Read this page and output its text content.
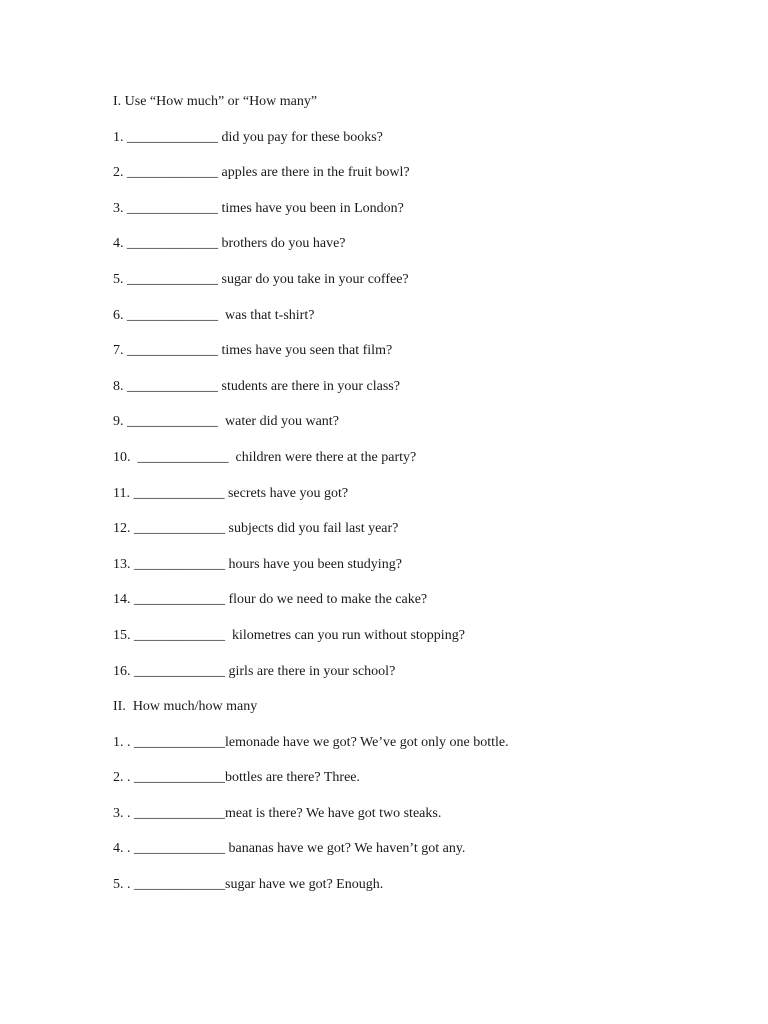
I. Use “How much” or “How many”

1. _____________ did you pay for these books?

2. _____________ apples are there in the fruit bowl?

3. _____________ times have you been in London?

4. _____________ brothers do you have?

5. _____________ sugar do you take in your coffee?

6. _____________  was that t-shirt?

7. _____________ times have you seen that film?

8. _____________ students are there in your class?

9. _____________  water did you want?

10.  _____________  children were there at the party?

11. _____________ secrets have you got?

12. _____________ subjects did you fail last year?

13. _____________ hours have you been studying?

14. _____________ flour do we need to make the cake?

15. _____________  kilometres can you run without stopping?

16. _____________ girls are there in your school?

II.  How much/how many

1. . _____________lemonade have we got? We’ve got only one bottle.

2. . _____________bottles are there? Three.

3. . _____________meat is there? We have got two steaks.

4. . _____________ bananas have we got? We haven’t got any.

5. . _____________sugar have we got? Enough.
